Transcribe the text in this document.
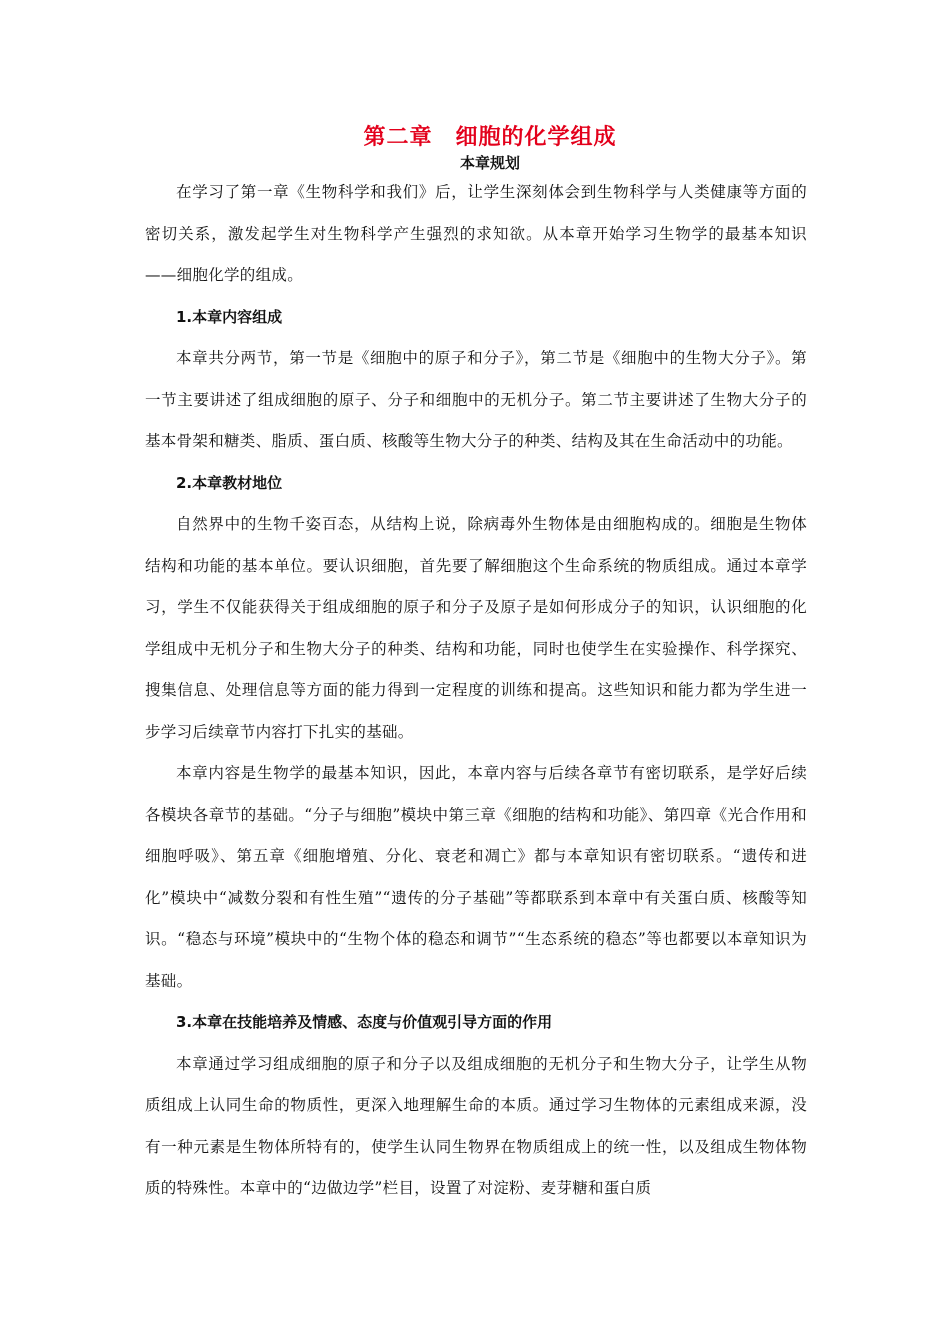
第二章　细胞的化学组成
本章规划

在学习了第一章《生物科学和我们》后，让学生深刻体会到生物科学与人类健康等方面的密切关系，激发起学生对生物科学产生强烈的求知欲。从本章开始学习生物学的最基本知识——细胞化学的组成。

1.本章内容组成

本章共分两节，第一节是《细胞中的原子和分子》，第二节是《细胞中的生物大分子》。第一节主要讲述了组成细胞的原子、分子和细胞中的无机分子。第二节主要讲述了生物大分子的基本骨架和糖类、脂质、蛋白质、核酸等生物大分子的种类、结构及其在生命活动中的功能。

2.本章教材地位

自然界中的生物千姿百态，从结构上说，除病毒外生物体是由细胞构成的。细胞是生物体结构和功能的基本单位。要认识细胞，首先要了解细胞这个生命系统的物质组成。通过本章学习，学生不仅能获得关于组成细胞的原子和分子及原子是如何形成分子的知识，认识细胞的化学组成中无机分子和生物大分子的种类、结构和功能，同时也使学生在实验操作、科学探究、搜集信息、处理信息等方面的能力得到一定程度的训练和提高。这些知识和能力都为学生进一步学习后续章节内容打下扎实的基础。

本章内容是生物学的最基本知识，因此，本章内容与后续各章节有密切联系，是学好后续各模块各章节的基础。“分子与细胞”模块中第三章《细胞的结构和功能》、第四章《光合作用和细胞呼吸》、第五章《细胞增殖、分化、衰老和凋亡》都与本章知识有密切联系。“遗传和进化”模块中“减数分裂和有性生殖”“遗传的分子基础”等都联系到本章中有关蛋白质、核酸等知识。“稳态与环境”模块中的“生物个体的稳态和调节”“生态系统的稳态”等也都要以本章知识为基础。

3.本章在技能培养及情感、态度与价值观引导方面的作用

本章通过学习组成细胞的原子和分子以及组成细胞的无机分子和生物大分子，让学生从物质组成上认同生命的物质性，更深入地理解生命的本质。通过学习生物体的元素组成来源，没有一种元素是生物体所特有的，使学生认同生物界在物质组成上的统一性，以及组成生物体物质的特殊性。本章中的“边做边学”栏目，设置了对淀粉、麦芽糖和蛋白质
